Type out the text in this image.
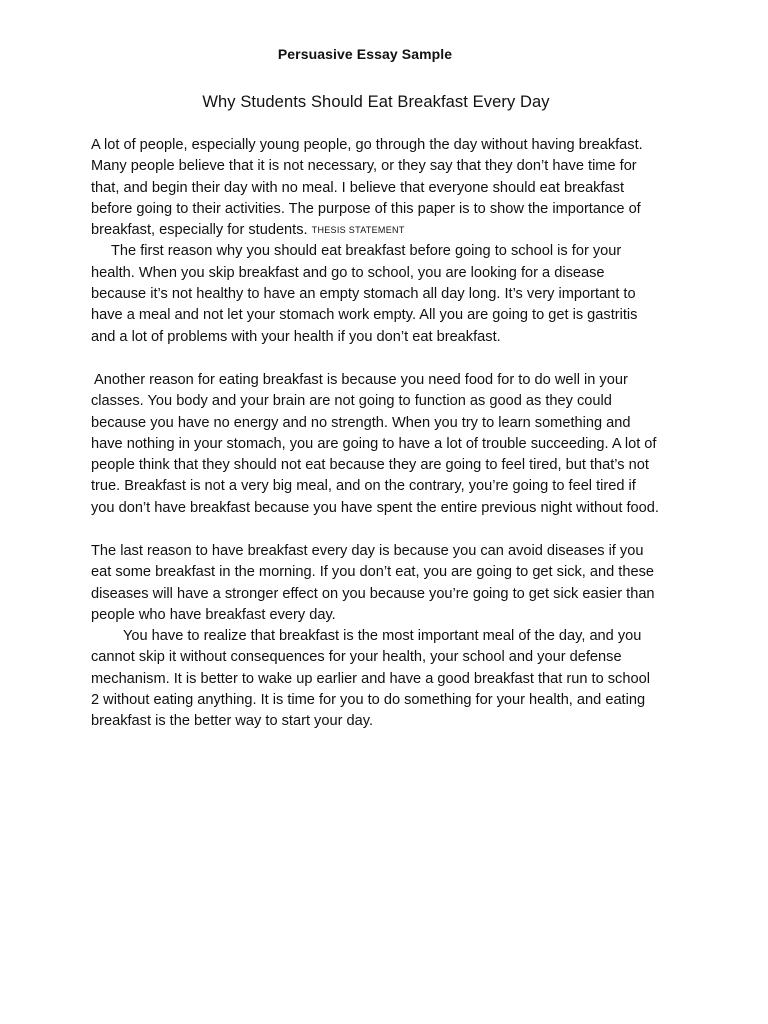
Persuasive Essay Sample
Why Students Should Eat Breakfast Every Day
A lot of people, especially young people, go through the day without having breakfast.
Many people believe that it is not necessary, or they say that they don’t have time for
that, and begin their day with no meal. I believe that everyone should eat breakfast
before going to their activities. The purpose of this paper is to show the importance of
breakfast, especially for students. THESIS STATEMENT
The first reason why you should eat breakfast before going to school is for your
health. When you skip breakfast and go to school, you are looking for a disease
because it’s not healthy to have an empty stomach all day long. It’s very important to
have a meal and not let your stomach work empty. All you are going to get is gastritis
and a lot of problems with your health if you don’t eat breakfast.
Another reason for eating breakfast is because you need food for to do well in your
classes. You body and your brain are not going to function as good as they could
because you have no energy and no strength. When you try to learn something and
have nothing in your stomach, you are going to have a lot of trouble succeeding. A lot of
people think that they should not eat because they are going to feel tired, but that’s not
true. Breakfast is not a very big meal, and on the contrary, you’re going to feel tired if
you don’t have breakfast because you have spent the entire previous night without food.
The last reason to have breakfast every day is because you can avoid diseases if you
eat some breakfast in the morning. If you don’t eat, you are going to get sick, and these
diseases will have a stronger effect on you because you’re going to get sick easier than
people who have breakfast every day.
You have to realize that breakfast is the most important meal of the day, and you
cannot skip it without consequences for your health, your school and your defense
mechanism. It is better to wake up earlier and have a good breakfast that run to school
2 without eating anything. It is time for you to do something for your health, and eating
breakfast is the better way to start your day.
